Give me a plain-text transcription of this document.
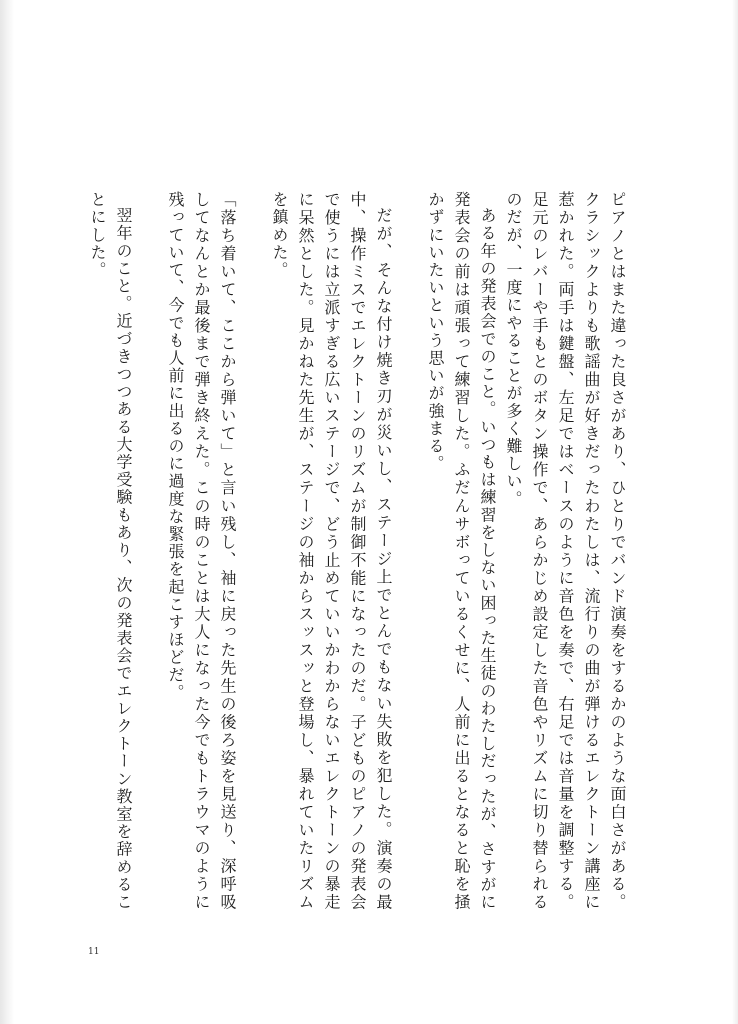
ピアノとはまた違った良さがあり、ひとりでバンド演奏をするかのような面白さがある。クラシックよりも歌謡曲が好きだったわたしは、流行りの曲が弾けるエレクトーン講座に惹かれた。両手は鍵盤、左足ではベースのように音色を奏で、右足では音量を調整する。足元のレバーや手もとのボタン操作で、あらかじめ設定した音色やリズムに切り替られるのだが、一度にやることが多く難しい。

ある年の発表会でのこと。いつもは練習をしない困った生徒のわたしだったが、さすがに発表会の前は頑張って練習した。ふだんサボっているくせに、人前に出るとなると恥を掻かずにいたいという思いが強まる。

だが、そんな付け焼き刃が災いし、ステージ上でとんでもない失敗を犯した。演奏の最中、操作ミスでエレクトーンのリズムが制御不能になったのだ。子どものピアノの発表会で使うには立派すぎる広いステージで、どう止めていいかわからないエレクトーンの暴走に呆然とした。見かねた先生が、ステージの袖からスッスッと登場し、暴れていたリズムを鎮めた。

「落ち着いて、ここから弾いて」と言い残し、袖に戻った先生の後ろ姿を見送り、深呼吸してなんとか最後まで弾き終えた。この時のことは大人になった今でもトラウマのように残っていて、今でも人前に出るのに過度な緊張を起こすほどだ。

翌年のこと。近づきつつある大学受験もあり、次の発表会でエレクトーン教室を辞めることにした。

11
